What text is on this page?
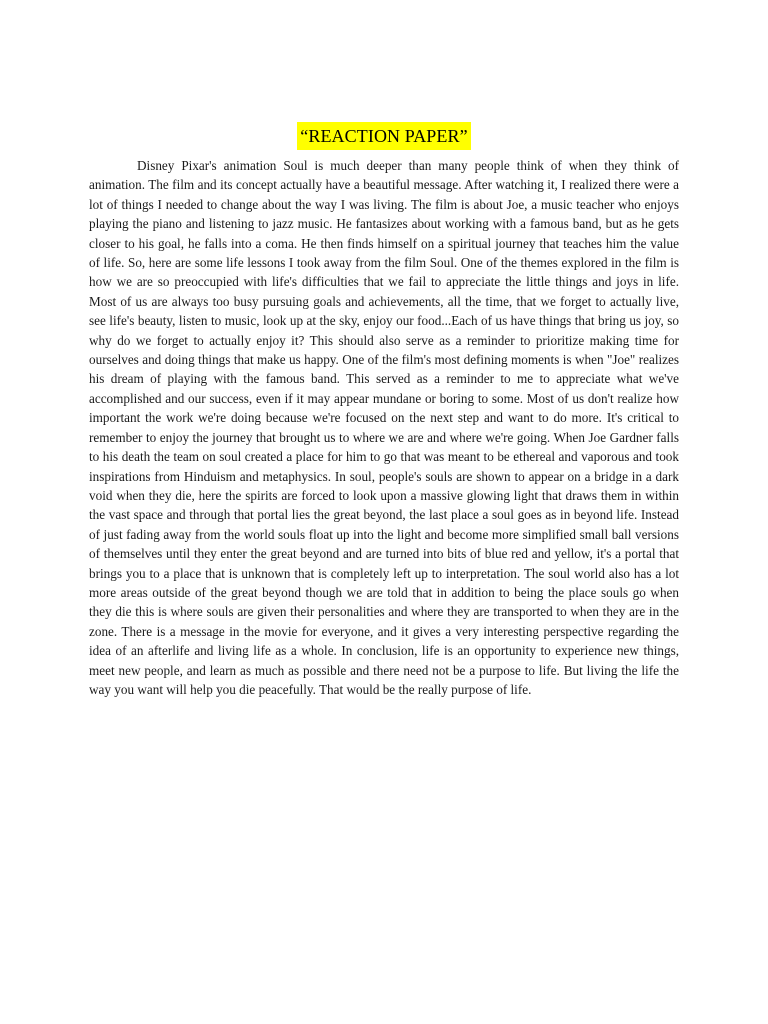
“REACTION PAPER”

Disney Pixar's animation Soul is much deeper than many people think of when they think of animation. The film and its concept actually have a beautiful message. After watching it, I realized there were a lot of things I needed to change about the way I was living. The film is about Joe, a music teacher who enjoys playing the piano and listening to jazz music. He fantasizes about working with a famous band, but as he gets closer to his goal, he falls into a coma. He then finds himself on a spiritual journey that teaches him the value of life. So, here are some life lessons I took away from the film Soul. One of the themes explored in the film is how we are so preoccupied with life's difficulties that we fail to appreciate the little things and joys in life. Most of us are always too busy pursuing goals and achievements, all the time, that we forget to actually live, see life's beauty, listen to music, look up at the sky, enjoy our food...Each of us have things that bring us joy, so why do we forget to actually enjoy it? This should also serve as a reminder to prioritize making time for ourselves and doing things that make us happy. One of the film's most defining moments is when "Joe" realizes his dream of playing with the famous band. This served as a reminder to me to appreciate what we've accomplished and our success, even if it may appear mundane or boring to some. Most of us don't realize how important the work we're doing because we're focused on the next step and want to do more. It's critical to remember to enjoy the journey that brought us to where we are and where we're going. When Joe Gardner falls to his death the team on soul created a place for him to go that was meant to be ethereal and vaporous and took inspirations from Hinduism and metaphysics. In soul, people's souls are shown to appear on a bridge in a dark void when they die, here the spirits are forced to look upon a massive glowing light that draws them in within the vast space and through that portal lies the great beyond, the last place a soul goes as in beyond life. Instead of just fading away from the world souls float up into the light and become more simplified small ball versions of themselves until they enter the great beyond and are turned into bits of blue red and yellow, it's a portal that brings you to a place that is unknown that is completely left up to interpretation. The soul world also has a lot more areas outside of the great beyond though we are told that in addition to being the place souls go when they die this is where souls are given their personalities and where they are transported to when they are in the zone. There is a message in the movie for everyone, and it gives a very interesting perspective regarding the idea of an afterlife and living life as a whole. In conclusion, life is an opportunity to experience new things, meet new people, and learn as much as possible and there need not be a purpose to life. But living the life the way you want will help you die peacefully. That would be the really purpose of life.
